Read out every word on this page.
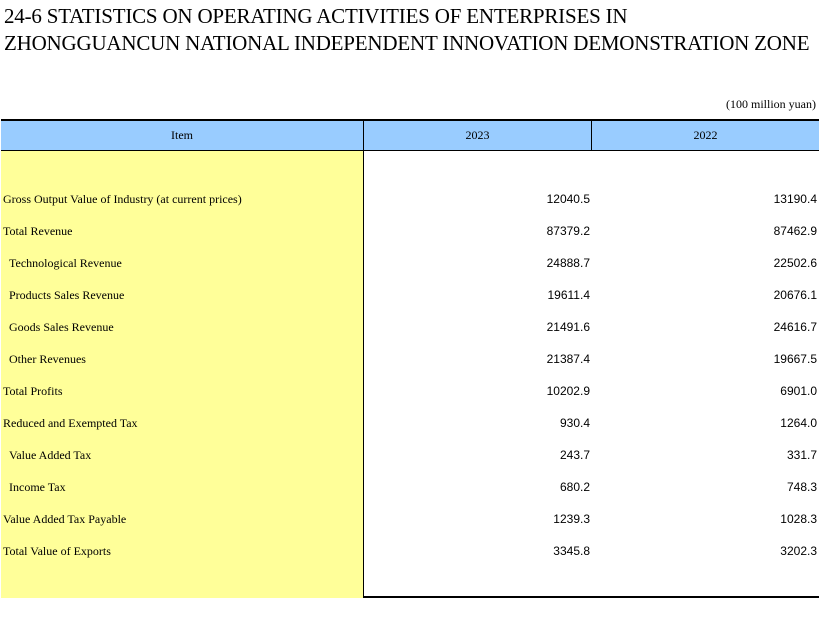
24-6 STATISTICS ON OPERATING ACTIVITIES OF ENTERPRISES IN
ZHONGGUANCUN NATIONAL INDEPENDENT INNOVATION DEMONSTRATION ZONE
(100 million yuan)
Item	2023	2022
Gross Output Value of Industry (at current prices)	12040.5	13190.4
Total Revenue	87379.2	87462.9
Technological Revenue	24888.7	22502.6
Products Sales Revenue	19611.4	20676.1
Goods Sales Revenue	21491.6	24616.7
Other Revenues	21387.4	19667.5
Total Profits	10202.9	6901.0
Reduced and Exempted Tax	930.4	1264.0
Value Added Tax	243.7	331.7
Income Tax	680.2	748.3
Value Added Tax Payable	1239.3	1028.3
Total Value of Exports	3345.8	3202.3
